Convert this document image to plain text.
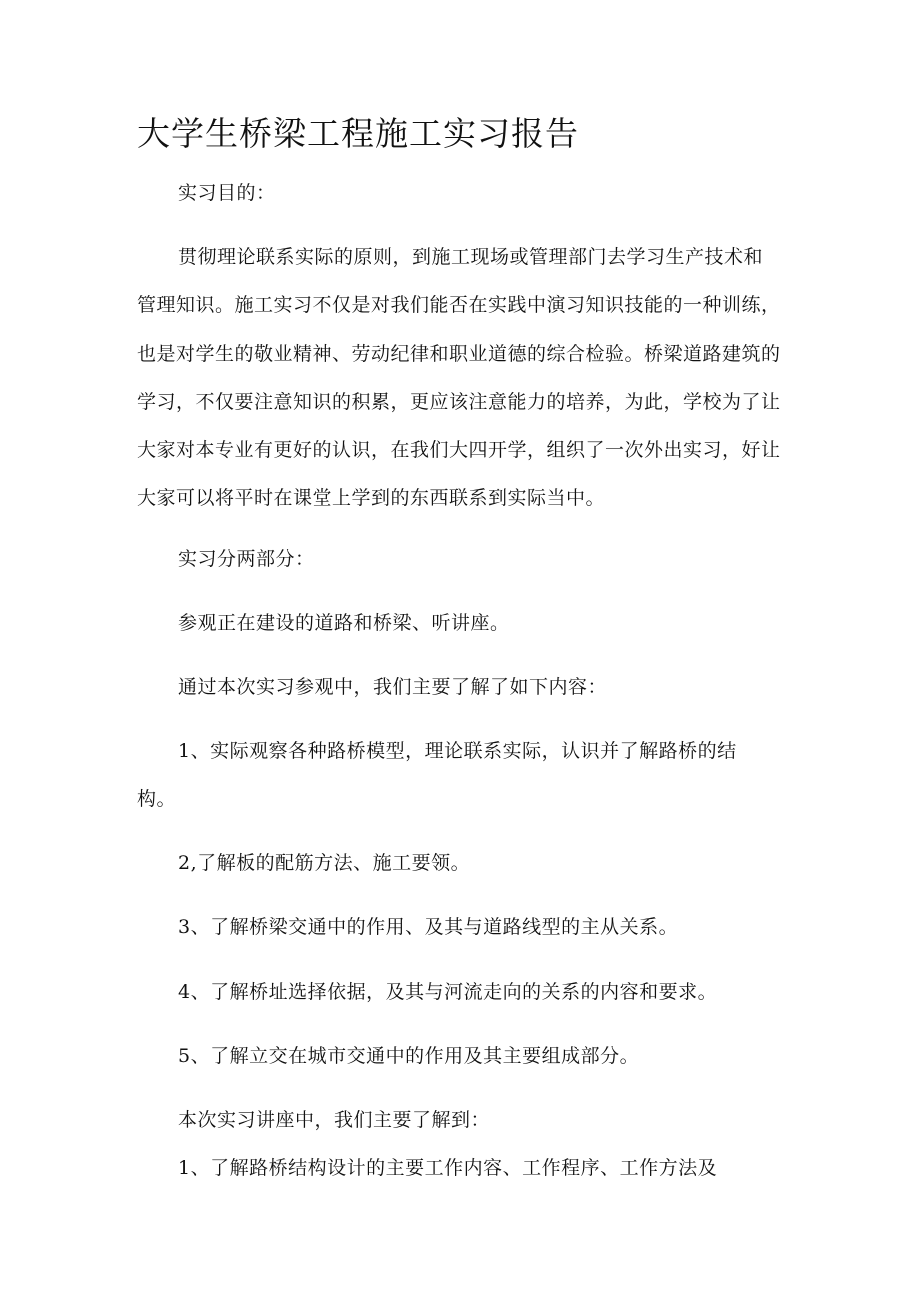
大学生桥梁工程施工实习报告

实习目的：

贯彻理论联系实际的原则，到施工现场或管理部门去学习生产技术和

管理知识。施工实习不仅是对我们能否在实践中演习知识技能的一种训练，

也是对学生的敬业精神、劳动纪律和职业道德的综合检验。桥梁道路建筑的

学习，不仅要注意知识的积累，更应该注意能力的培养，为此，学校为了让

大家对本专业有更好的认识，在我们大四开学，组织了一次外出实习，好让

大家可以将平时在课堂上学到的东西联系到实际当中。

实习分两部分：

参观正在建设的道路和桥梁、听讲座。

通过本次实习参观中，我们主要了解了如下内容：

1、实际观察各种路桥模型，理论联系实际，认识并了解路桥的结

构。

2,了解板的配筋方法、施工要领。

3、了解桥梁交通中的作用、及其与道路线型的主从关系。

4、了解桥址选择依据，及其与河流走向的关系的内容和要求。

5、了解立交在城市交通中的作用及其主要组成部分。

本次实习讲座中，我们主要了解到：

1、了解路桥结构设计的主要工作内容、工作程序、工作方法及
